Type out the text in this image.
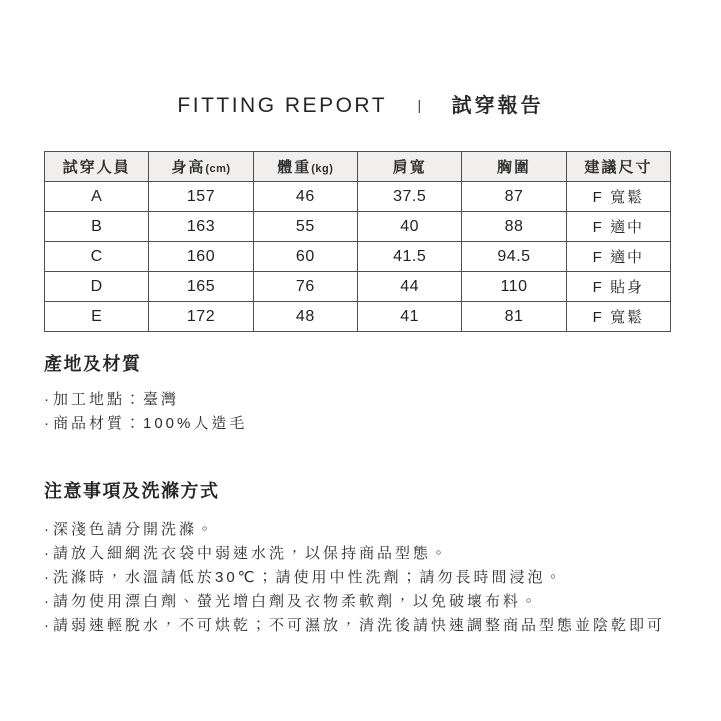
FITTING REPORT | 試穿報告
試穿人員	身高(cm)	體重(kg)	肩寬	胸圍	建議尺寸
A	157	46	37.5	87	F 寬鬆
B	163	55	40	88	F 適中
C	160	60	41.5	94.5	F 適中
D	165	76	44	110	F 貼身
E	172	48	41	81	F 寬鬆
產地及材質
· 加工地點：臺灣
· 商品材質：100%人造毛
注意事項及洗滌方式
· 深淺色請分開洗滌。
· 請放入細網洗衣袋中弱速水洗，以保持商品型態。
· 洗滌時，水溫請低於30℃；請使用中性洗劑；請勿長時間浸泡。
· 請勿使用漂白劑、螢光增白劑及衣物柔軟劑，以免破壞布料。
· 請弱速輕脫水，不可烘乾；不可濕放，清洗後請快速調整商品型態並陰乾即可
